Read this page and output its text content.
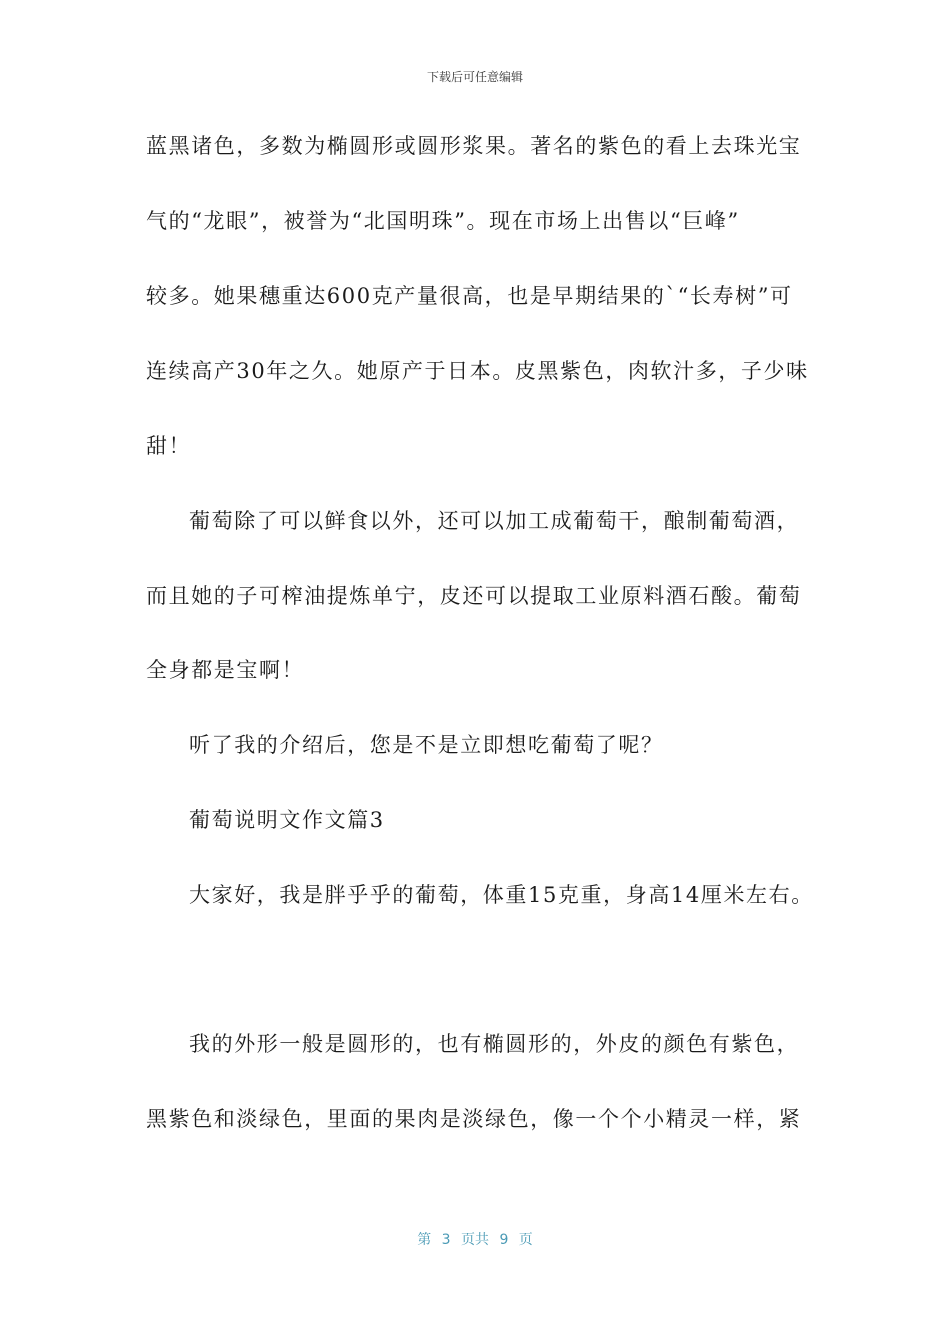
下载后可任意编辑
蓝黑诸色，多数为椭圆形或圆形浆果。著名的紫色的看上去珠光宝
气的“龙眼”，被誉为“北国明珠”。现在市场上出售以“巨峰”
较多。她果穗重达600克产量很高，也是早期结果的`“长寿树”可
连续高产30年之久。她原产于日本。皮黑紫色，肉软汁多，子少味
甜！
葡萄除了可以鲜食以外，还可以加工成葡萄干，酿制葡萄酒，
而且她的子可榨油提炼单宁，皮还可以提取工业原料酒石酸。葡萄
全身都是宝啊！
听了我的介绍后，您是不是立即想吃葡萄了呢？
葡萄说明文作文篇3
大家好，我是胖乎乎的葡萄，体重15克重，身高14厘米左右。
我的外形一般是圆形的，也有椭圆形的，外皮的颜色有紫色，
黑紫色和淡绿色，里面的果肉是淡绿色，像一个个小精灵一样，紧
第 3 页共 9 页
